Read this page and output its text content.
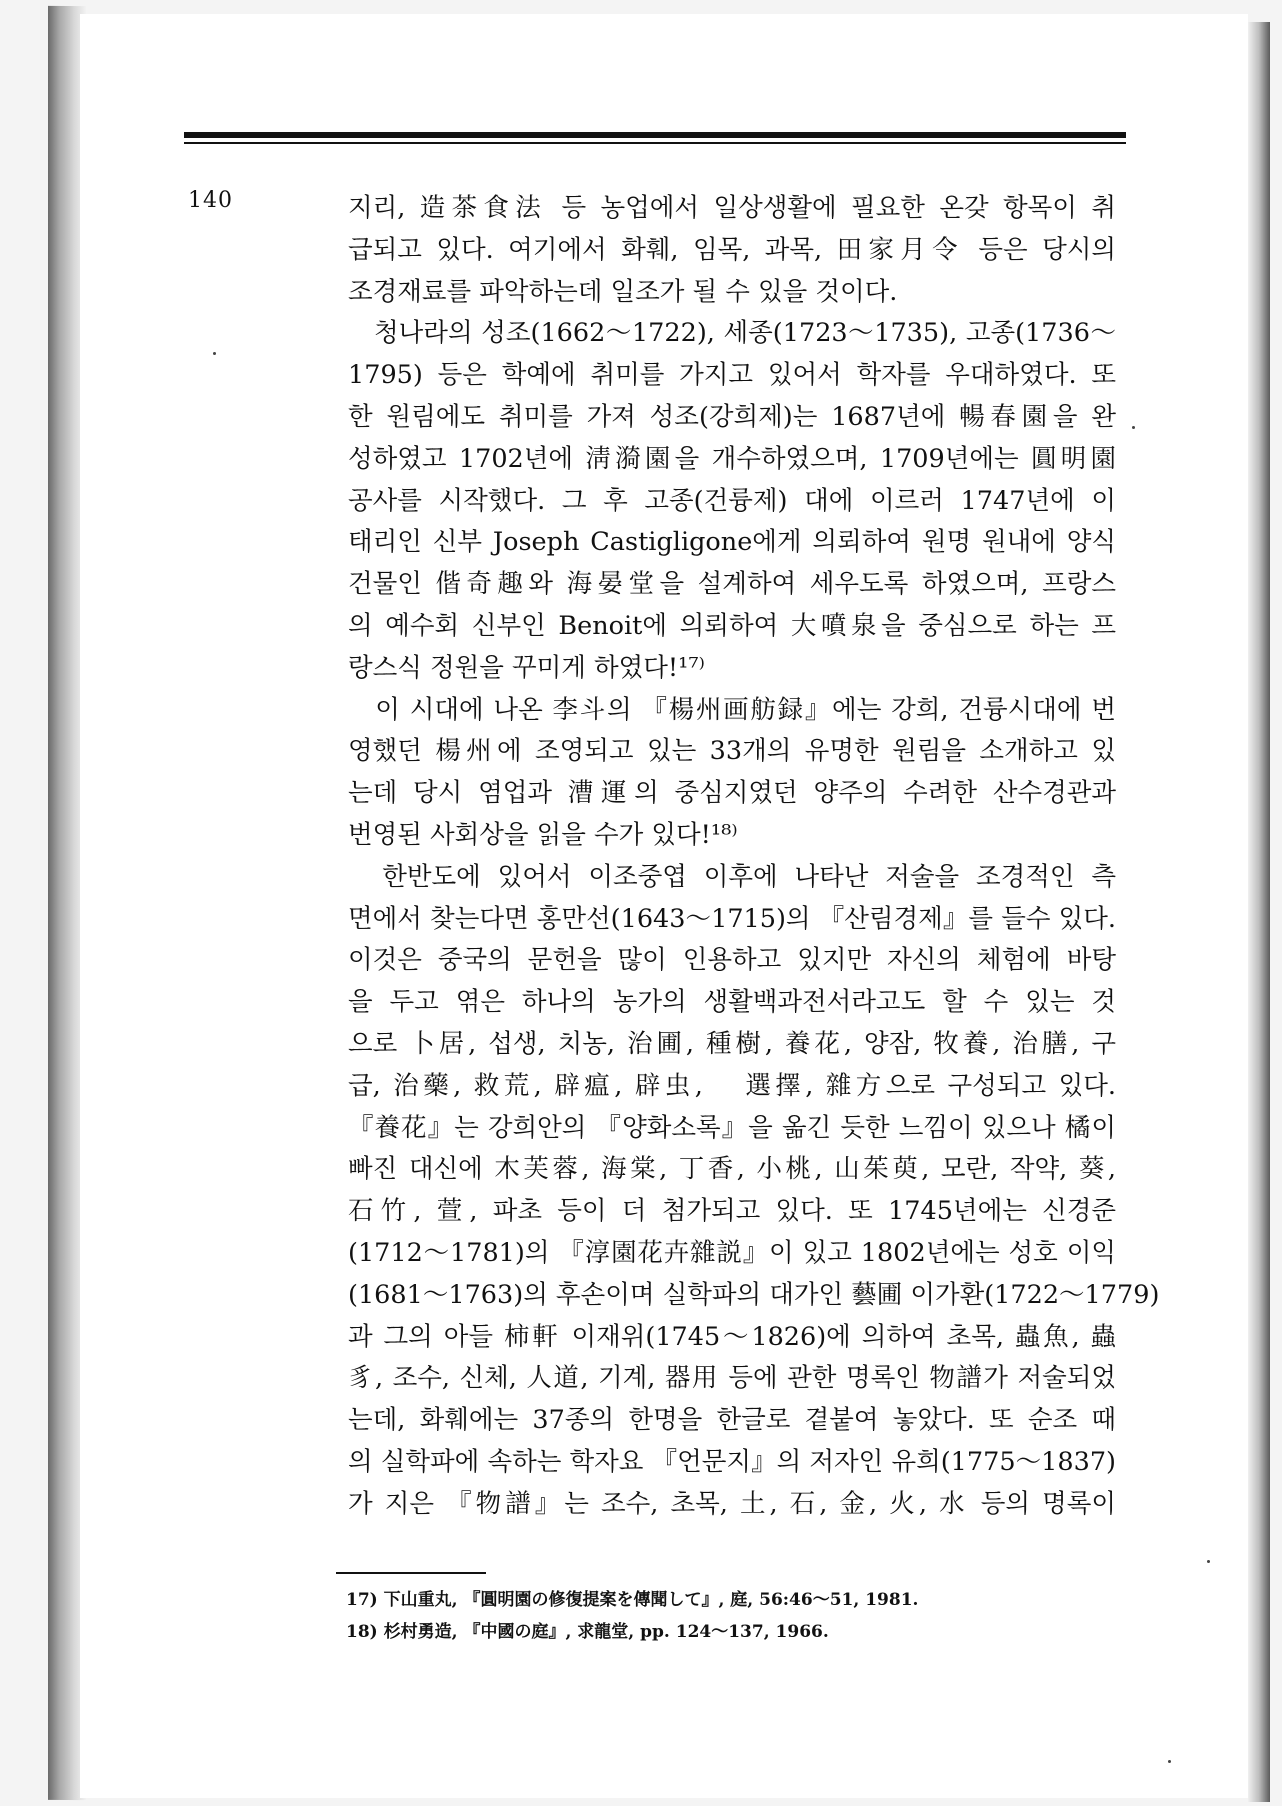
140	지리, 造茶食法 등 농업에서 일상생활에 필요한 온갖 항목이 취
급되고 있다. 여기에서 화훼, 임목, 과목, 田家月令 등은 당시의
조경재료를 파악하는데 일조가 될 수 있을 것이다.
　청나라의 성조(1662～1722), 세종(1723～1735), 고종(1736～
1795) 등은 학예에 취미를 가지고 있어서 학자를 우대하였다. 또
한 원림에도 취미를 가져 성조(강희제)는 1687년에 暢春園을 완
성하였고 1702년에 淸漪園을 개수하였으며, 1709년에는 圓明園
공사를 시작했다. 그 후 고종(건륭제) 대에 이르러 1747년에 이
태리인 신부 Joseph Castigligone에게 의뢰하여 원명 원내에 양식
건물인 偕奇趣와 海晏堂을 설계하여 세우도록 하였으며, 프랑스
의 예수회 신부인 Benoit에 의뢰하여 大噴泉을 중심으로 하는 프
랑스식 정원을 꾸미게 하였다!¹⁷⁾
　이 시대에 나온 李斗의 『楊州画舫録』에는 강희, 건륭시대에 번
영했던 楊州에 조영되고 있는 33개의 유명한 원림을 소개하고 있
는데 당시 염업과 漕運의 중심지였던 양주의 수려한 산수경관과
번영된 사회상을 읽을 수가 있다!¹⁸⁾
　한반도에 있어서 이조중엽 이후에 나타난 저술을 조경적인 측
면에서 찾는다면 홍만선(1643～1715)의 『산림경제』를 들수 있다.
이것은 중국의 문헌을 많이 인용하고 있지만 자신의 체험에 바탕
을 두고 엮은 하나의 농가의 생활백과전서라고도 할 수 있는 것
으로 卜居, 섭생, 치농, 治圃, 種樹, 養花, 양잠, 牧養, 治膳, 구
급, 治藥, 救荒, 辟瘟, 辟虫, 　選擇, 雜方으로 구성되고 있다.
『養花』는 강희안의 『양화소록』을 옮긴 듯한 느낌이 있으나 橘이
빠진 대신에 木芙蓉, 海棠, 丁香, 小桃, 山茱萸, 모란, 작약, 葵,
石竹, 萱, 파초 등이 더 첨가되고 있다. 또 1745년에는 신경준
(1712～1781)의 『淳園花卉雜説』이 있고 1802년에는 성호 이익
(1681～1763)의 후손이며 실학파의 대가인 藝圃 이가환(1722～1779)
과 그의 아들 柿軒 이재위(1745～1826)에 의하여 초목, 蟲魚, 蟲
豸, 조수, 신체, 人道, 기계, 器用 등에 관한 명록인 物譜가 저술되었
는데, 화훼에는 37종의 한명을 한글로 곁붙여 놓았다. 또 순조 때
의 실학파에 속하는 학자요 『언문지』의 저자인 유희(1775～1837)
가 지은 『物譜』는 조수, 초목, 土, 石, 金, 火, 水 등의 명록이
17) 下山重丸, 『圓明園の修復提案を傳聞して』, 庭, 56:46～51, 1981.
18) 杉村勇造, 『中國の庭』, 求龍堂, pp. 124～137, 1966.
